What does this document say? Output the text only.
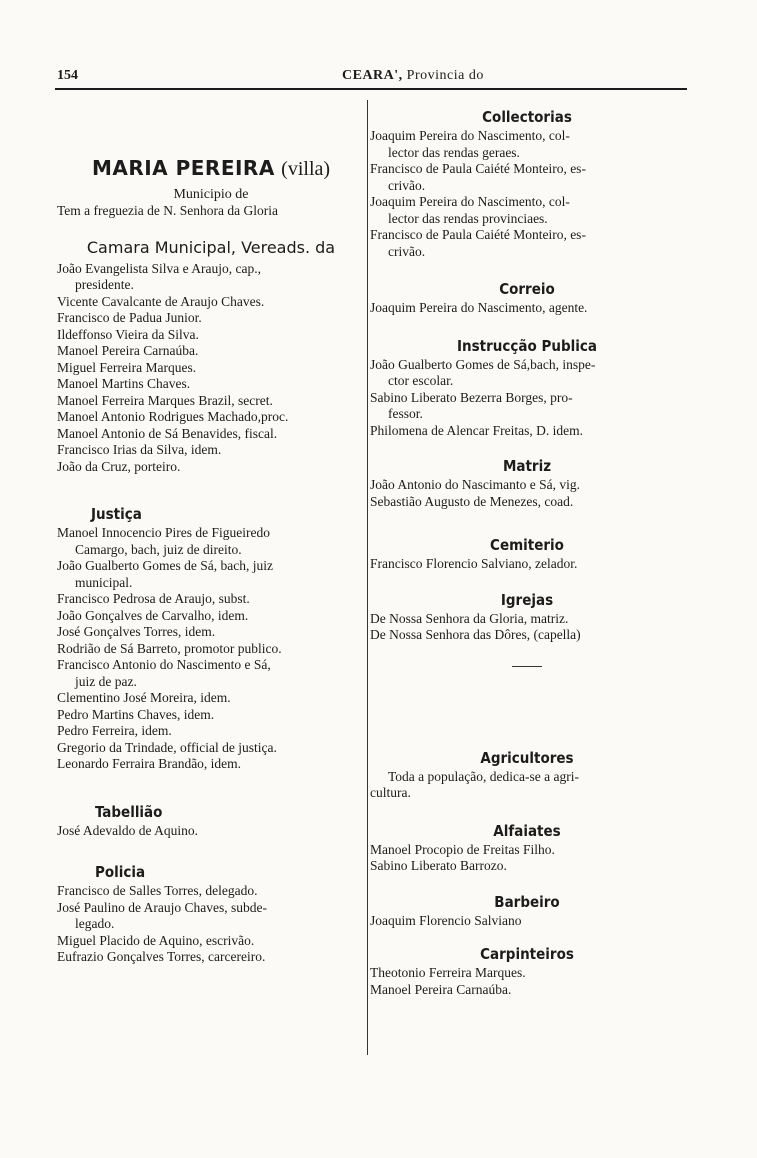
154	CEARA', Provincia do
MARIA PEREIRA (villa)

Municipio de

Tem a freguezia de N. Senhora da Gloria

Camara Municipal, Vereads. da

João Evangelista Silva e Araujo, cap.,

presidente.

Vicente Cavalcante de Araujo Chaves.

Francisco de Padua Junior.

Ildeffonso Vieira da Silva.

Manoel Pereira Carnaúba.

Miguel Ferreira Marques.

Manoel Martins Chaves.

Manoel Ferreira Marques Brazil, secret.

Manoel Antonio Rodrigues Machado,proc.

Manoel Antonio de Sá Benavides, fiscal.

Francisco Irias da Silva, idem.

João da Cruz, porteiro.

Justiça

Manoel Innocencio Pires de Figueiredo

Camargo, bach, juiz de direito.

João Gualberto Gomes de Sá, bach, juiz

municipal.

Francisco Pedrosa de Araujo, subst.

João Gonçalves de Carvalho, idem.

José Gonçalves Torres, idem.

Rodrião de Sá Barreto, promotor publico.

Francisco Antonio do Nascimento e Sá,

juiz de paz.

Clementino José Moreira, idem.

Pedro Martins Chaves, idem.

Pedro Ferreira, idem.

Gregorio da Trindade, official de justiça.

Leonardo Ferraira Brandão, idem.

Tabellião

José Adevaldo de Aquino.

Policia

Francisco de Salles Torres, delegado.

José Paulino de Araujo Chaves, subde-

legado.

Miguel Placido de Aquino, escrivão.

Eufrazio Gonçalves Torres, carcereiro.

Collectorias

Joaquim Pereira do Nascimento, col-

lector das rendas geraes.

Francisco de Paula Caiété Monteiro, es-

crivão.

Joaquim Pereira do Nascimento, col-

lector das rendas provinciaes.

Francisco de Paula Caiété Monteiro, es-

crivão.

Correio

Joaquim Pereira do Nascimento, agente.

Instrucção Publica

João Gualberto Gomes de Sá,bach, inspe-

ctor escolar.

Sabino Liberato Bezerra Borges, pro-

fessor.

Philomena de Alencar Freitas, D. idem.

Matriz

João Antonio do Nascimanto e Sá, vig.

Sebastião Augusto de Menezes, coad.

Cemiterio

Francisco Florencio Salviano, zelador.

Igrejas

De Nossa Senhora da Gloria, matriz.

De Nossa Senhora das Dôres, (capella)

Agricultores

Toda a população, dedica-se a agri-

cultura.

Alfaiates

Manoel Procopio de Freitas Filho.

Sabino Liberato Barrozo.

Barbeiro

Joaquim Florencio Salviano

Carpinteiros

Theotonio Ferreira Marques.

Manoel Pereira Carnaúba.
